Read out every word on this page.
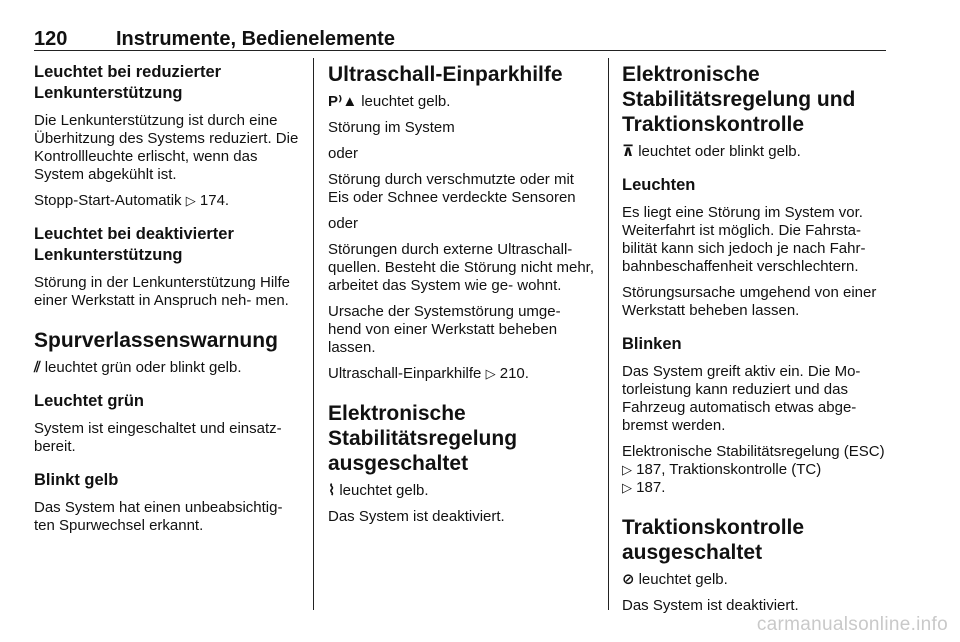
120 Instrumente, Bedienelemente
Leuchtet bei reduzierter Lenkunterstützung

Die Lenkunterstützung ist durch eine Überhitzung des Systems reduziert. Die Kontrollleuchte erlischt, wenn das System abgekühlt ist.

Stopp-Start-Automatik ▷ 174.

Leuchtet bei deaktivierter Lenkunterstützung

Störung in der Lenkunterstützung Hilfe einer Werkstatt in Anspruch neh- men.

Spurverlassenswarnung

⫽ leuchtet grün oder blinkt gelb.

Leuchtet grün

System ist eingeschaltet und einsatz- bereit.

Blinkt gelb

Das System hat einen unbeabsichtig- ten Spurwechsel erkannt.

Ultraschall-Einparkhilfe

P⁾▲ leuchtet gelb.

Störung im System

oder

Störung durch verschmutzte oder mit Eis oder Schnee verdeckte Sensoren

oder

Störungen durch externe Ultraschall- quellen. Besteht die Störung nicht mehr, arbeitet das System wie ge- wohnt.

Ursache der Systemstörung umge- hend von einer Werkstatt beheben lassen.

Ultraschall-Einparkhilfe ▷ 210.

Elektronische Stabilitätsregelung ausgeschaltet

⌇ leuchtet gelb.

Das System ist deaktiviert.

Elektronische Stabilitätsregelung und Traktionskontrolle

⊼ leuchtet oder blinkt gelb.

Leuchten

Es liegt eine Störung im System vor. Weiterfahrt ist möglich. Die Fahrsta- bilität kann sich jedoch je nach Fahr- bahnbeschaffenheit verschlechtern.

Störungsursache umgehend von einer Werkstatt beheben lassen.

Blinken

Das System greift aktiv ein. Die Mo- torleistung kann reduziert und das Fahrzeug automatisch etwas abge- bremst werden.

Elektronische Stabilitätsregelung (ESC) ▷ 187, Traktionskontrolle (TC)
▷ 187.

Traktionskontrolle ausgeschaltet

⊘ leuchtet gelb.

Das System ist deaktiviert.

carmanualsonline.info
